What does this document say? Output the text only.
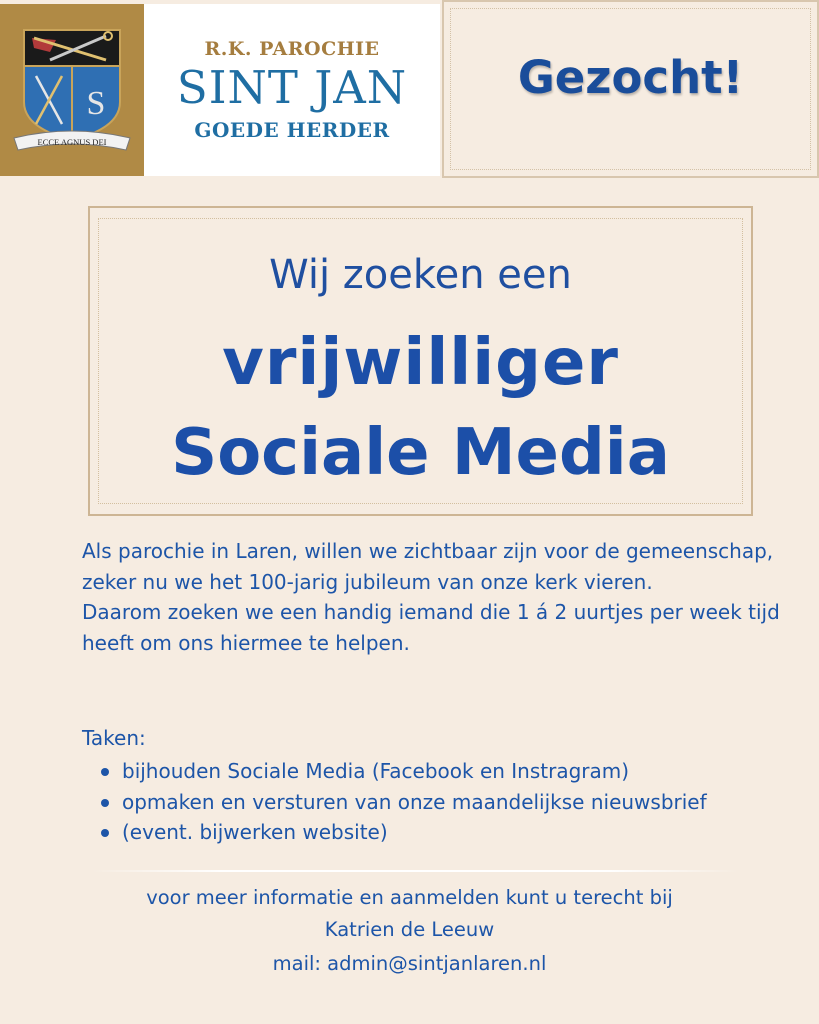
S
ECCE AGNUS DEI
R.K. PAROCHIE
SINT JAN
GOEDE HERDER
Gezocht!
Wij zoeken een
vrijwilliger
Sociale Media

Als parochie in Laren, willen we zichtbaar zijn voor de gemeenschap, zeker nu we het 100-jarig jubileum van onze kerk vieren.

Daarom zoeken we een handig iemand die 1 á 2 uurtjes per week tijd heeft om ons hiermee te helpen.

Taken:
bijhouden Sociale Media (Facebook en Instragram)
opmaken en versturen van onze maandelijkse nieuwsbrief
(event. bijwerken website)
voor meer informatie en aanmelden kunt u terecht bij
Katrien de Leeuw
mail: admin@sintjanlaren.nl
